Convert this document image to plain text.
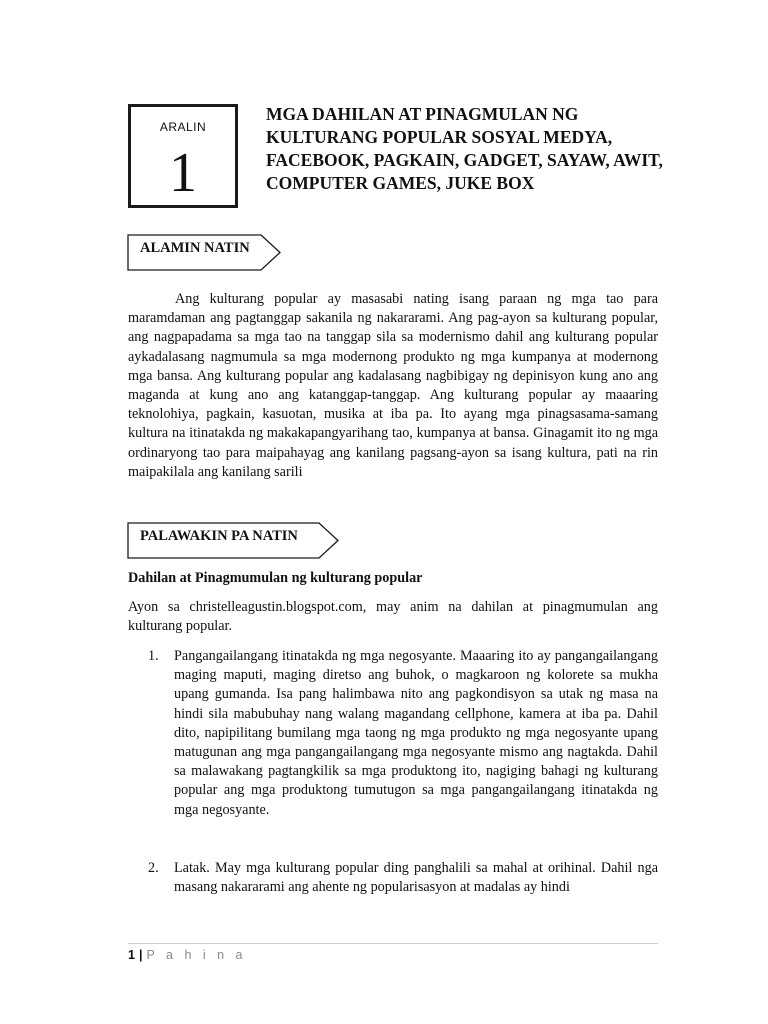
ARALIN
1
MGA DAHILAN AT PINAGMULAN NG KULTURANG POPULAR SOSYAL MEDYA, FACEBOOK, PAGKAIN, GADGET, SAYAW, AWIT, COMPUTER GAMES, JUKE BOX
ALAMIN NATIN

Ang kulturang popular ay masasabi nating isang paraan ng mga tao para maramdaman ang pagtanggap sakanila ng nakararami. Ang pag-ayon sa kulturang popular, ang nagpapadama sa mga tao na tanggap sila sa modernismo dahil ang kulturang popular aykadalasang nagmumula sa mga modernong produkto ng mga kumpanya at modernong mga bansa. Ang kulturang popular ang kadalasang nagbibigay ng depinisyon kung ano ang maganda at kung ano ang katanggap-tanggap. Ang kulturang popular ay maaaring teknolohiya, pagkain, kasuotan, musika at iba pa. Ito ayang mga pinagsasama-samang kultura na itinatakda ng makakapangyarihang tao, kumpanya at bansa. Ginagamit ito ng mga ordinaryong tao para maipahayag ang kanilang pagsang-ayon sa isang kultura, pati na rin maipakilala ang kanilang sarili

PALAWAKIN PA NATIN

Dahilan at Pinagmumulan ng kulturang popular

Ayon sa christelleagustin.blogspot.com, may anim na dahilan at pinagmumulan ang kulturang popular.

1. Pangangailangang itinatakda ng mga negosyante. Maaaring ito ay pangangailangang maging maputi, maging diretso ang buhok, o magkaroon ng kolorete sa mukha upang gumanda. Isa pang halimbawa nito ang pagkondisyon sa utak ng masa na hindi sila mabubuhay nang walang magandang cellphone, kamera at iba pa. Dahil dito, napipilitang bumilang mga taong ng mga produkto ng mga negosyante upang matugunan ang mga pangangailangang mga negosyante mismo ang nagtakda. Dahil sa malawakang pagtangkilik sa mga produktong ito, nagiging bahagi ng kulturang popular ang mga produktong tumutugon sa mga pangangailangang itinatakda ng mga negosyante.

2. Latak. May mga kulturang popular ding panghalili sa mahal at orihinal. Dahil nga masang nakararami ang ahente ng popularisasyon at madalas ay hindi

1 | P a h i n a
